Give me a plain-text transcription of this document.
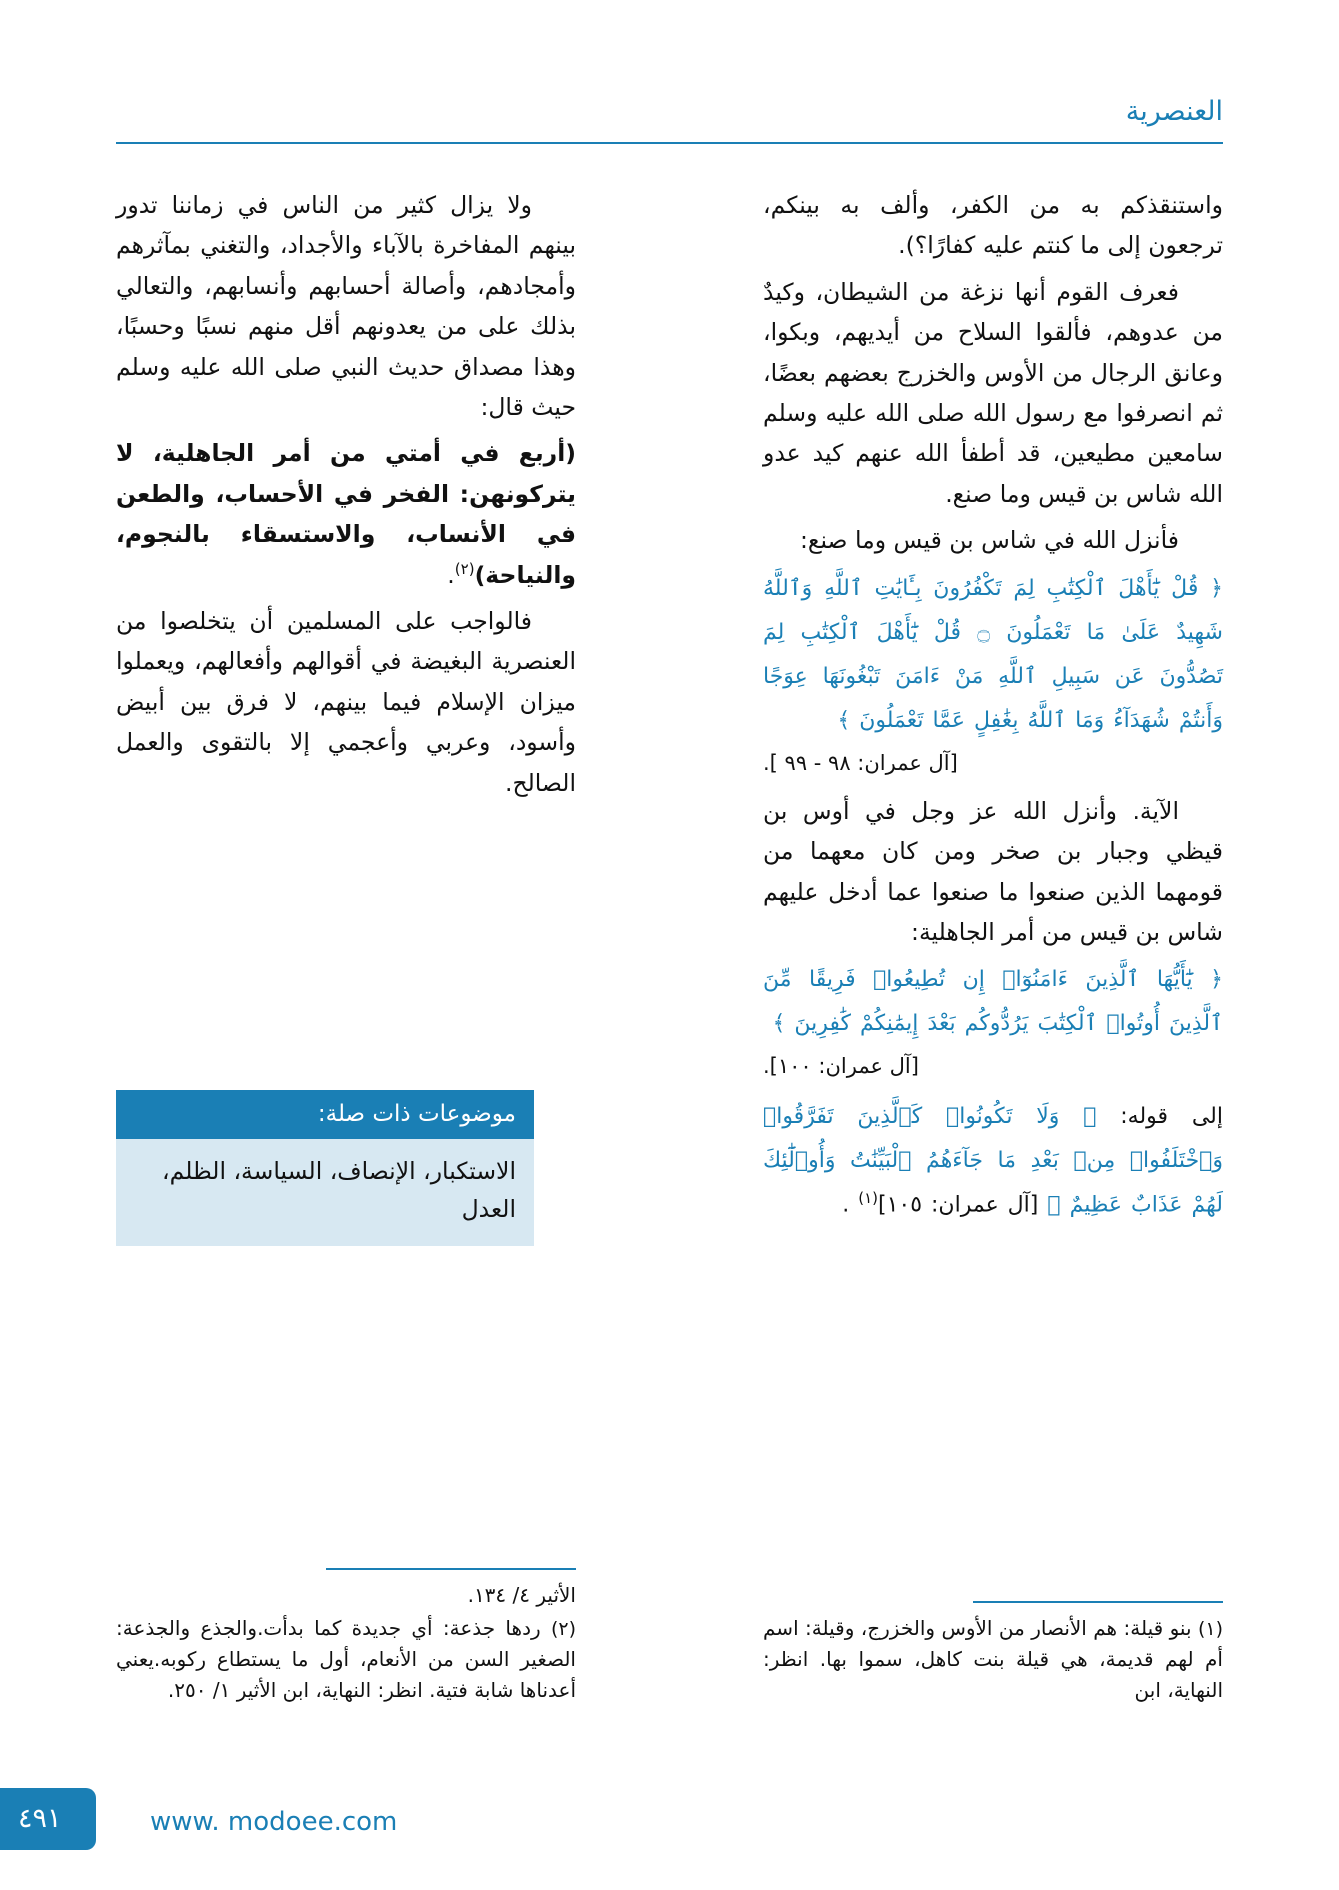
العنصرية

واستنقذكم به من الكفر، وألف به بينكم، ترجعون إلى ما كنتم عليه كفارًا؟).

فعرف القوم أنها نزغة من الشيطان، وكيدٌ من عدوهم، فألقوا السلاح من أيديهم، وبكوا، وعانق الرجال من الأوس والخزرج بعضهم بعضًا، ثم انصرفوا مع رسول الله صلى الله عليه وسلم سامعين مطيعين، قد أطفأ الله عنهم كيد عدو الله شاس بن قيس وما صنع.

فأنزل الله في شاس بن قيس وما صنع:

﴿ قُلْ يَٰٓأَهْلَ ٱلْكِتَٰبِ لِمَ تَكْفُرُونَ بِـَٔايَٰتِ ٱللَّهِ وَٱللَّهُ شَهِيدٌ عَلَىٰ مَا تَعْمَلُونَ ۝ قُلْ يَٰٓأَهْلَ ٱلْكِتَٰبِ لِمَ تَصُدُّونَ عَن سَبِيلِ ٱللَّهِ مَنْ ءَامَنَ تَبْغُونَهَا عِوَجًا وَأَنتُمْ شُهَدَآءُ وَمَا ٱللَّهُ بِغَٰفِلٍ عَمَّا تَعْمَلُونَ ﴾
[آل عمران: ٩٨ - ٩٩ ].

الآية. وأنزل الله عز وجل في أوس بن قيظي وجبار بن صخر ومن كان معهما من قومهما الذين صنعوا ما صنعوا عما أدخل عليهم شاس بن قيس من أمر الجاهلية:

﴿ يَٰٓأَيُّهَا ٱلَّذِينَ ءَامَنُوٓا۟ إِن تُطِيعُوا۟ فَرِيقًا مِّنَ ٱلَّذِينَ أُوتُوا۟ ٱلْكِتَٰبَ يَرُدُّوكُم بَعْدَ إِيمَٰنِكُمْ كَٰفِرِينَ ﴾
[آل عمران: ١٠٠].
إلى قوله: ﴿ وَلَا تَكُونُوا۟ كَٱلَّذِينَ تَفَرَّقُوا۟ وَٱخْتَلَفُوا۟ مِنۢ بَعْدِ مَا جَآءَهُمُ ٱلْبَيِّنَٰتُ وَأُو۟لَٰٓئِكَ لَهُمْ عَذَابٌ عَظِيمٌ ﴾ [آل عمران: ١٠٥]$^{(١)}$ .

ولا يزال كثير من الناس في زماننا تدور بينهم المفاخرة بالآباء والأجداد، والتغني بمآثرهم وأمجادهم، وأصالة أحسابهم وأنسابهم، والتعالي بذلك على من يعدونهم أقل منهم نسبًا وحسبًا، وهذا مصداق حديث النبي صلى الله عليه وسلم حيث قال:

(أربع في أمتي من أمر الجاهلية، لا يتركونهن: الفخر في الأحساب، والطعن في الأنساب، والاستسقاء بالنجوم، والنياحة)$^{(٢)}$.

فالواجب على المسلمين أن يتخلصوا من العنصرية البغيضة في أقوالهم وأفعالهم، ويعملوا ميزان الإسلام فيما بينهم، لا فرق بين أبيض وأسود، وعربي وأعجمي إلا بالتقوى والعمل الصالح.

موضوعات ذات صلة:
الاستكبار، الإنصاف، السياسة، الظلم، العدل
(١) بنو قيلة: هم الأنصار من الأوس والخزرج، وقيلة: اسم أم لهم قديمة، هي قيلة بنت كاهل، سموا بها. انظر: النهاية، ابن
الأثير ٤/ ١٣٤.
(٢) ردها جذعة: أي جديدة كما بدأت.والجذع والجذعة: الصغير السن من الأنعام، أول ما يستطاع ركوبه.يعني أعدناها شابة فتية. انظر: النهاية، ابن الأثير ١/ ٢٥٠.
٤٩١	www. modoee.com
